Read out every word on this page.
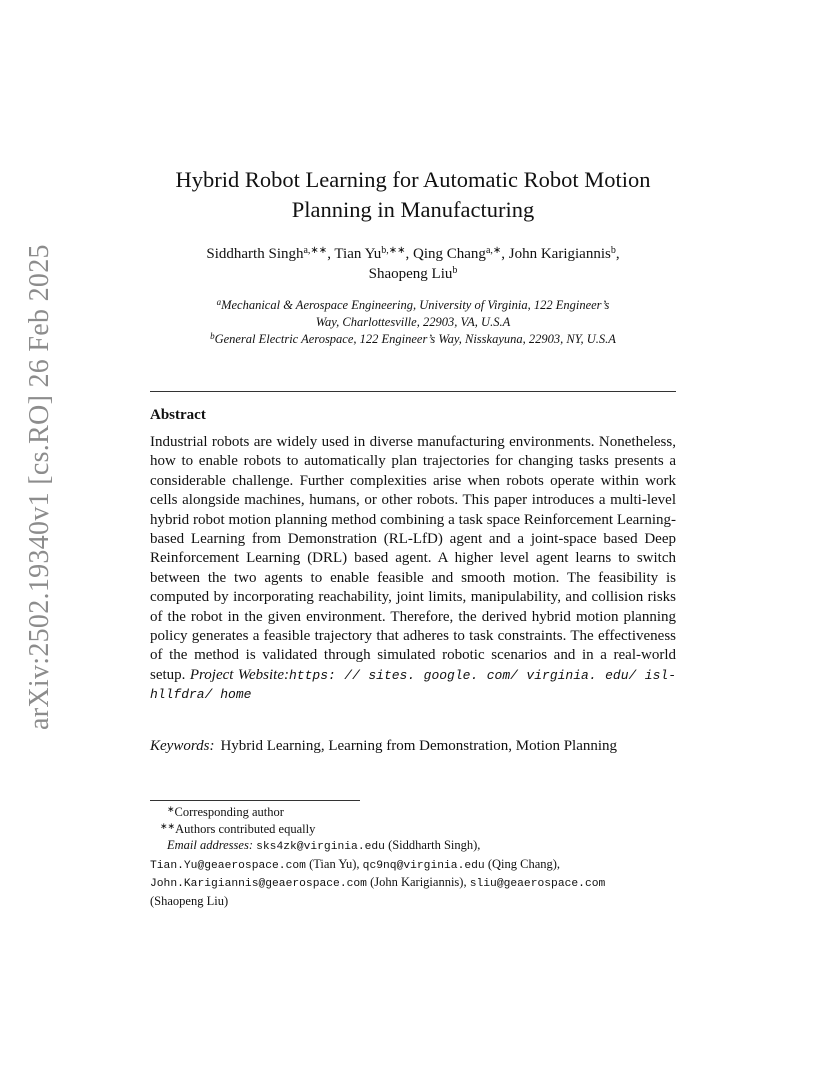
arXiv:2502.19340v1 [cs.RO] 26 Feb 2025
Hybrid Robot Learning for Automatic Robot Motion
Planning in Manufacturing
Siddharth Singh$^{a,∗∗}$, Tian $Yu^{b,∗∗}$, Qing Chang$^{a,∗}$, John Karigiannis$^b$,
Shaopeng Liu$^b$
$^a$Mechanical & Aerospace Engineering, University of Virginia, 122 Engineer’s
Way, Charlottesville, 22903, VA, U.S.A
$^b$General Electric Aerospace, 122 Engineer’s Way, Nisskayuna, 22903, NY, U.S.A
Abstract

Industrial robots are widely used in diverse manufacturing environments. Nonetheless, how to enable robots to automatically plan trajectories for changing tasks presents a considerable challenge. Further complexities arise when robots operate within work cells alongside machines, humans, or other robots. This paper introduces a multi-level hybrid robot motion planning method combining a task space Reinforcement Learning-based Learning from Demonstration (RL-LfD) agent and a joint-space based Deep Reinforcement Learning (DRL) based agent. A higher level agent learns to switch between the two agents to enable feasible and smooth motion. The feasibility is computed by incorporating reachability, joint limits, manipulability, and collision risks of the robot in the given environment. Therefore, the derived hybrid motion planning policy generates a feasible trajectory that adheres to task constraints. The effectiveness of the method is validated through simulated robotic scenarios and in a real-world setup. Project Website:https: // sites. google. com/ virginia. edu/ isl-hllfdra/ home

Keywords: Hybrid Learning, Learning from Demonstration, Motion Planning

∗Corresponding author
∗∗Authors contributed equally
Email addresses: sks4zk@virginia.edu (Siddharth Singh),
Tian.Yu@geaerospace.com (Tian Yu), qc9nq@virginia.edu (Qing Chang),
John.Karigiannis@geaerospace.com (John Karigiannis), sliu@geaerospace.com
(Shaopeng Liu)
